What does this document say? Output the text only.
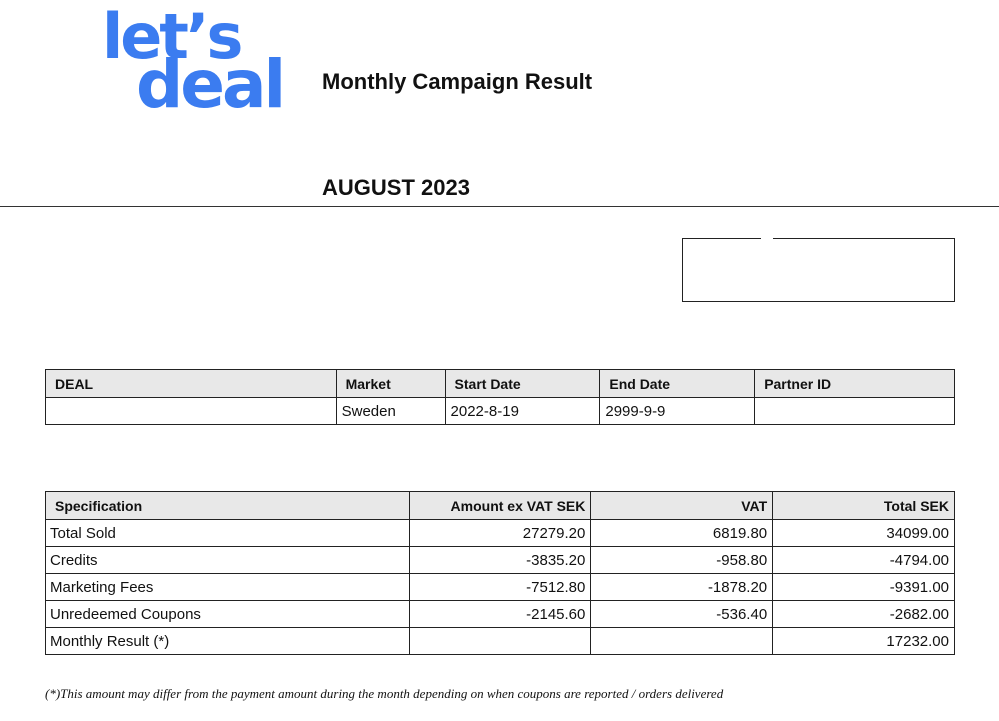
let’s
deal Monthly Campaign Result
AUGUST 2023
DEAL	Market	Start Date	End Date	Partner ID
	Sweden	2022-8-19	2999-9-9	
Specification	Amount ex VAT SEK	VAT	Total SEK
Total Sold	27279.20	6819.80	34099.00
Credits	-3835.20	-958.80	-4794.00
Marketing Fees	-7512.80	-1878.20	-9391.00
Unredeemed Coupons	-2145.60	-536.40	-2682.00
Monthly Result (*)			17232.00
(*)This amount may differ from the payment amount during the month depending on when coupons are reported / orders delivered
